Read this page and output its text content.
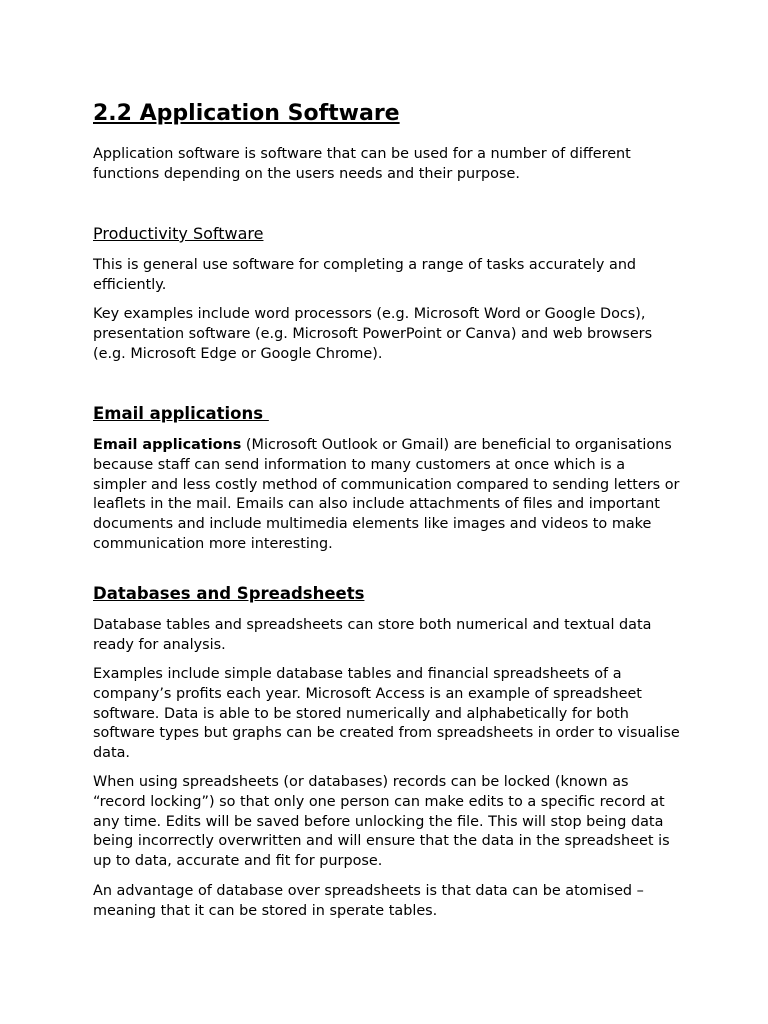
2.2 Application Software

Application software is software that can be used for a number of different functions depending on the users needs and their purpose.

Productivity Software

This is general use software for completing a range of tasks accurately and efficiently.

Key examples include word processors (e.g. Microsoft Word or Google Docs), presentation software (e.g. Microsoft PowerPoint or Canva) and web browsers (e.g. Microsoft Edge or Google Chrome).

Email applications

Email applications (Microsoft Outlook or Gmail) are beneficial to organisations because staff can send information to many customers at once which is a simpler and less costly method of communication compared to sending letters or leaflets in the mail. Emails can also include attachments of files and important documents and include multimedia elements like images and videos to make communication more interesting.

Databases and Spreadsheets

Database tables and spreadsheets can store both numerical and textual data ready for analysis.

Examples include simple database tables and financial spreadsheets of a company’s profits each year. Microsoft Access is an example of spreadsheet software. Data is able to be stored numerically and alphabetically for both software types but graphs can be created from spreadsheets in order to visualise data.

When using spreadsheets (or databases) records can be locked (known as “record locking”) so that only one person can make edits to a specific record at any time. Edits will be saved before unlocking the file. This will stop being data being incorrectly overwritten and will ensure that the data in the spreadsheet is up to data, accurate and fit for purpose.

An advantage of database over spreadsheets is that data can be atomised – meaning that it can be stored in sperate tables.
